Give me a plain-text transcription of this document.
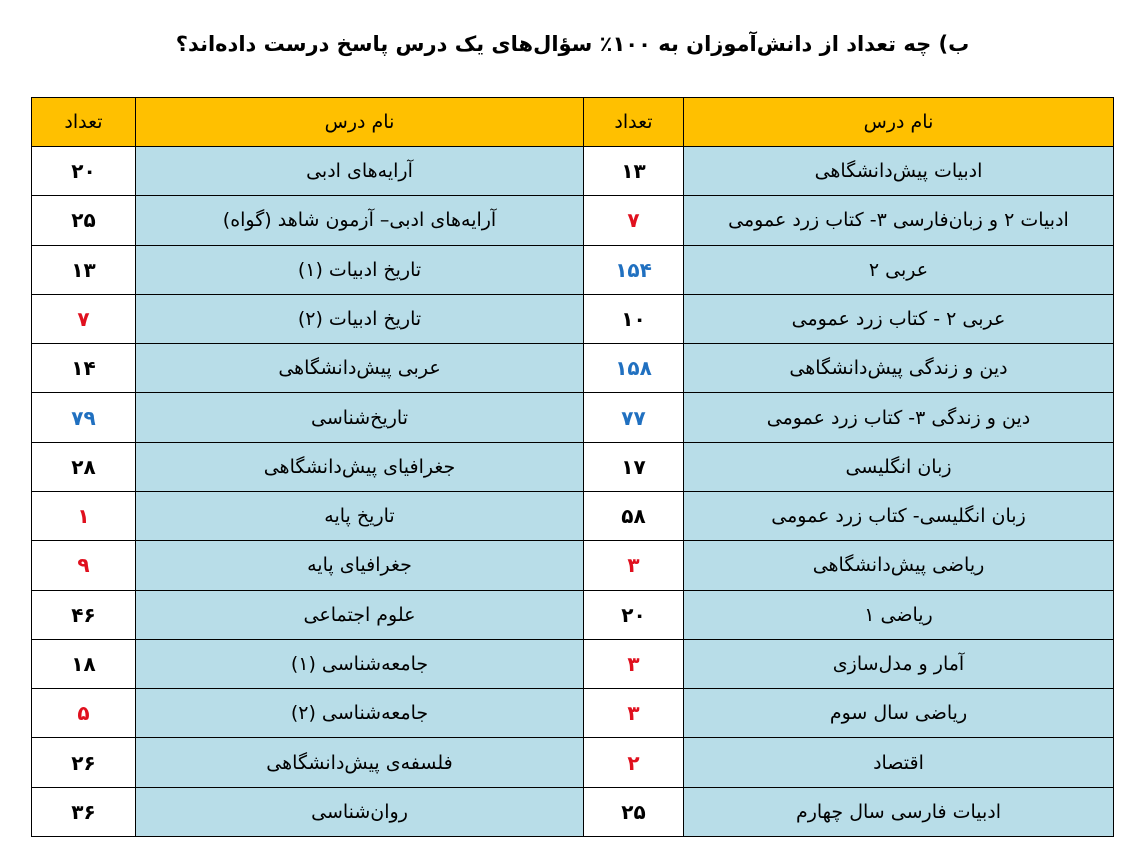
ب) چه تعداد از دانش‌آموزان به ۱۰۰٪ سؤال‌های یک درس پاسخ درست داده‌اند؟
نام درس	تعداد	نام درس	تعداد
ادبیات پیش‌دانشگاهی	۱۳	آرایه‌های ادبی	۲۰
ادبیات ۲ و زبان‌فارسی ۳- کتاب زرد عمومی	۷	آرایه‌های ادبی– آزمون شاهد (گواه)	۲۵
عربی ۲	۱۵۴	تاریخ ادبیات (۱)	۱۳
عربی ۲ - کتاب زرد عمومی	۱۰	تاریخ ادبیات (۲)	۷
دین و زندگی پیش‌دانشگاهی	۱۵۸	عربی پیش‌دانشگاهی	۱۴
دین و زندگی ۳- کتاب زرد عمومی	۷۷	تاریخ‌شناسی	۷۹
زبان انگلیسی	۱۷	جغرافیای پیش‌دانشگاهی	۲۸
زبان انگلیسی- کتاب زرد عمومی	۵۸	تاریخ پایه	۱
ریاضی پیش‌دانشگاهی	۳	جغرافیای پایه	۹
ریاضی ۱	۲۰	علوم اجتماعی	۴۶
آمار و مدل‌سازی	۳	جامعه‌شناسی (۱)	۱۸
ریاضی سال سوم	۳	جامعه‌شناسی (۲)	۵
اقتصاد	۲	فلسفه‌ی پیش‌دانشگاهی	۲۶
ادبیات فارسی سال چهارم	۲۵	روان‌شناسی	۳۶
